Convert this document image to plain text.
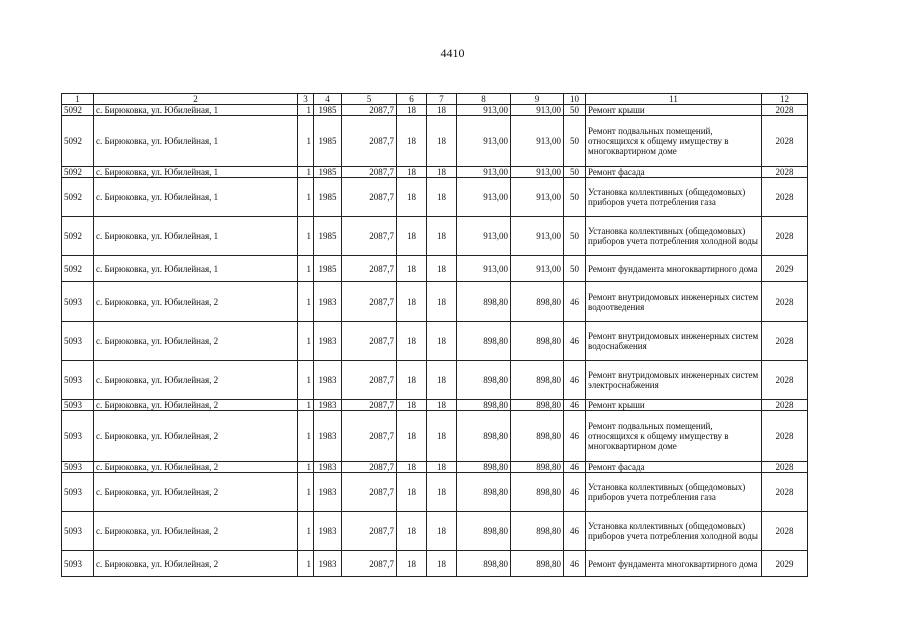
4410
1	2	3	4	5	6	7	8	9	10	11	12
5092	с. Бирюковка, ул. Юбилейная, 1	1	1985	2087,7	18	18	913,00	913,00	50	Ремонт крыши	2028
5092	с. Бирюковка, ул. Юбилейная, 1	1	1985	2087,7	18	18	913,00	913,00	50	Ремонт подвальных помещений, относящихся к общему имуществу в многоквартирном доме	2028
5092	с. Бирюковка, ул. Юбилейная, 1	1	1985	2087,7	18	18	913,00	913,00	50	Ремонт фасада	2028
5092	с. Бирюковка, ул. Юбилейная, 1	1	1985	2087,7	18	18	913,00	913,00	50	Установка коллективных (общедомовых) приборов учета потребления газа	2028
5092	с. Бирюковка, ул. Юбилейная, 1	1	1985	2087,7	18	18	913,00	913,00	50	Установка коллективных (общедомовых) приборов учета потребления холодной воды	2028
5092	с. Бирюковка, ул. Юбилейная, 1	1	1985	2087,7	18	18	913,00	913,00	50	Ремонт фундамента многоквартирного дома	2029
5093	с. Бирюковка, ул. Юбилейная, 2	1	1983	2087,7	18	18	898,80	898,80	46	Ремонт внутридомовых инженерных систем водоотведения	2028
5093	с. Бирюковка, ул. Юбилейная, 2	1	1983	2087,7	18	18	898,80	898,80	46	Ремонт внутридомовых инженерных систем водоснабжения	2028
5093	с. Бирюковка, ул. Юбилейная, 2	1	1983	2087,7	18	18	898,80	898,80	46	Ремонт внутридомовых инженерных систем электроснабжения	2028
5093	с. Бирюковка, ул. Юбилейная, 2	1	1983	2087,7	18	18	898,80	898,80	46	Ремонт крыши	2028
5093	с. Бирюковка, ул. Юбилейная, 2	1	1983	2087,7	18	18	898,80	898,80	46	Ремонт подвальных помещений, относящихся к общему имуществу в многоквартирном доме	2028
5093	с. Бирюковка, ул. Юбилейная, 2	1	1983	2087,7	18	18	898,80	898,80	46	Ремонт фасада	2028
5093	с. Бирюковка, ул. Юбилейная, 2	1	1983	2087,7	18	18	898,80	898,80	46	Установка коллективных (общедомовых) приборов учета потребления газа	2028
5093	с. Бирюковка, ул. Юбилейная, 2	1	1983	2087,7	18	18	898,80	898,80	46	Установка коллективных (общедомовых) приборов учета потребления холодной воды	2028
5093	с. Бирюковка, ул. Юбилейная, 2	1	1983	2087,7	18	18	898,80	898,80	46	Ремонт фундамента многоквартирного дома	2029
